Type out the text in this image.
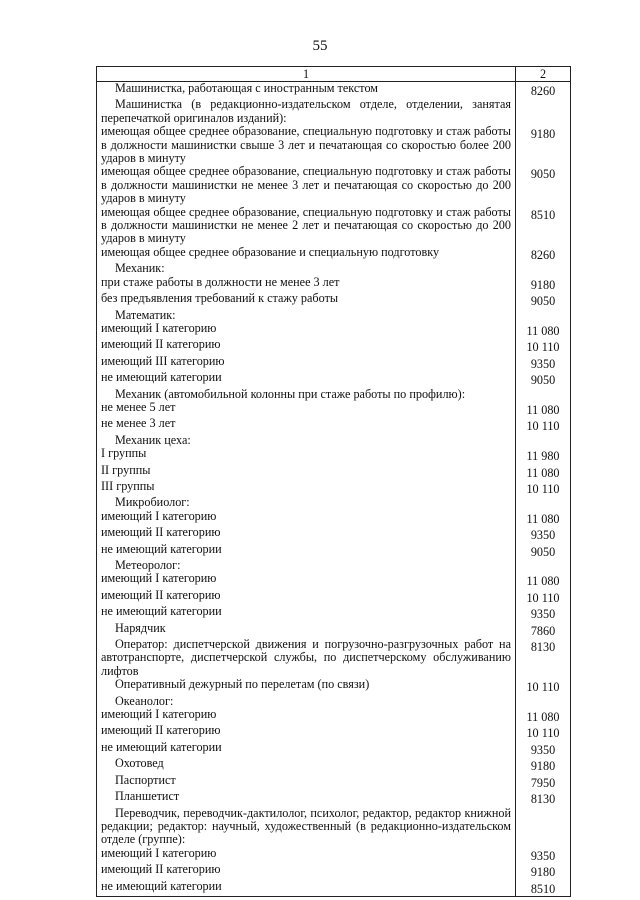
55
1	2

Машинистка, работающая с иностранным текстом	8260

Машинистка (в редакционно-издательском отделе, отделении, занятая перепечаткой оригиналов изданий):	

имеющая общее среднее образование, специальную подготовку и стаж работы в должности машинистки свыше 3 лет и печатающая со скоростью более 200 ударов в минуту	9180
имеющая общее среднее образование, специальную подготовку и стаж работы в должности машинистки не менее 3 лет и печатающая со скоростью до 200 ударов в минуту	9050
имеющая общее среднее образование, специальную подготовку и стаж работы в должности машинистки не менее 2 лет и печатающая со скоростью до 200 ударов в минуту	8510
имеющая общее среднее образование и специальную подготовку	8260

Механик:	

при стаже работы в должности не менее 3 лет	9180
без предъявления требований к стажу работы	9050

Математик:	

имеющий I категорию	11 080
имеющий II категорию	10 110
имеющий III категорию	9350
не имеющий категории	9050

Механик (автомобильной колонны при стаже работы по профилю):	

не менее 5 лет	11 080
не менее 3 лет	10 110

Механик цеха:	

I группы	11 980
II группы	11 080
III группы	10 110

Микробиолог:	

имеющий I категорию	11 080
имеющий II категорию	9350
не имеющий категории	9050

Метеоролог:	

имеющий I категорию	11 080
имеющий II категорию	10 110
не имеющий категории	9350

Нарядчик	7860

Оператор: диспетчерской движения и погрузочно-разгрузочных работ на автотранспорте, диспетчерской службы, по диспетчерскому обслуживанию лифтов	8130

Оперативный дежурный по перелетам (по связи)	10 110

Океанолог:	

имеющий I категорию	11 080
имеющий II категорию	10 110
не имеющий категории	9350

Охотовед	9180

Паспортист	7950

Планшетист	8130

Переводчик, переводчик-дактилолог, психолог, редактор, редактор книжной редакции; редактор: научный, художественный (в редакционно-издательском отделе (группе):	

имеющий I категорию	9350
имеющий II категорию	9180
не имеющий категории	8510
